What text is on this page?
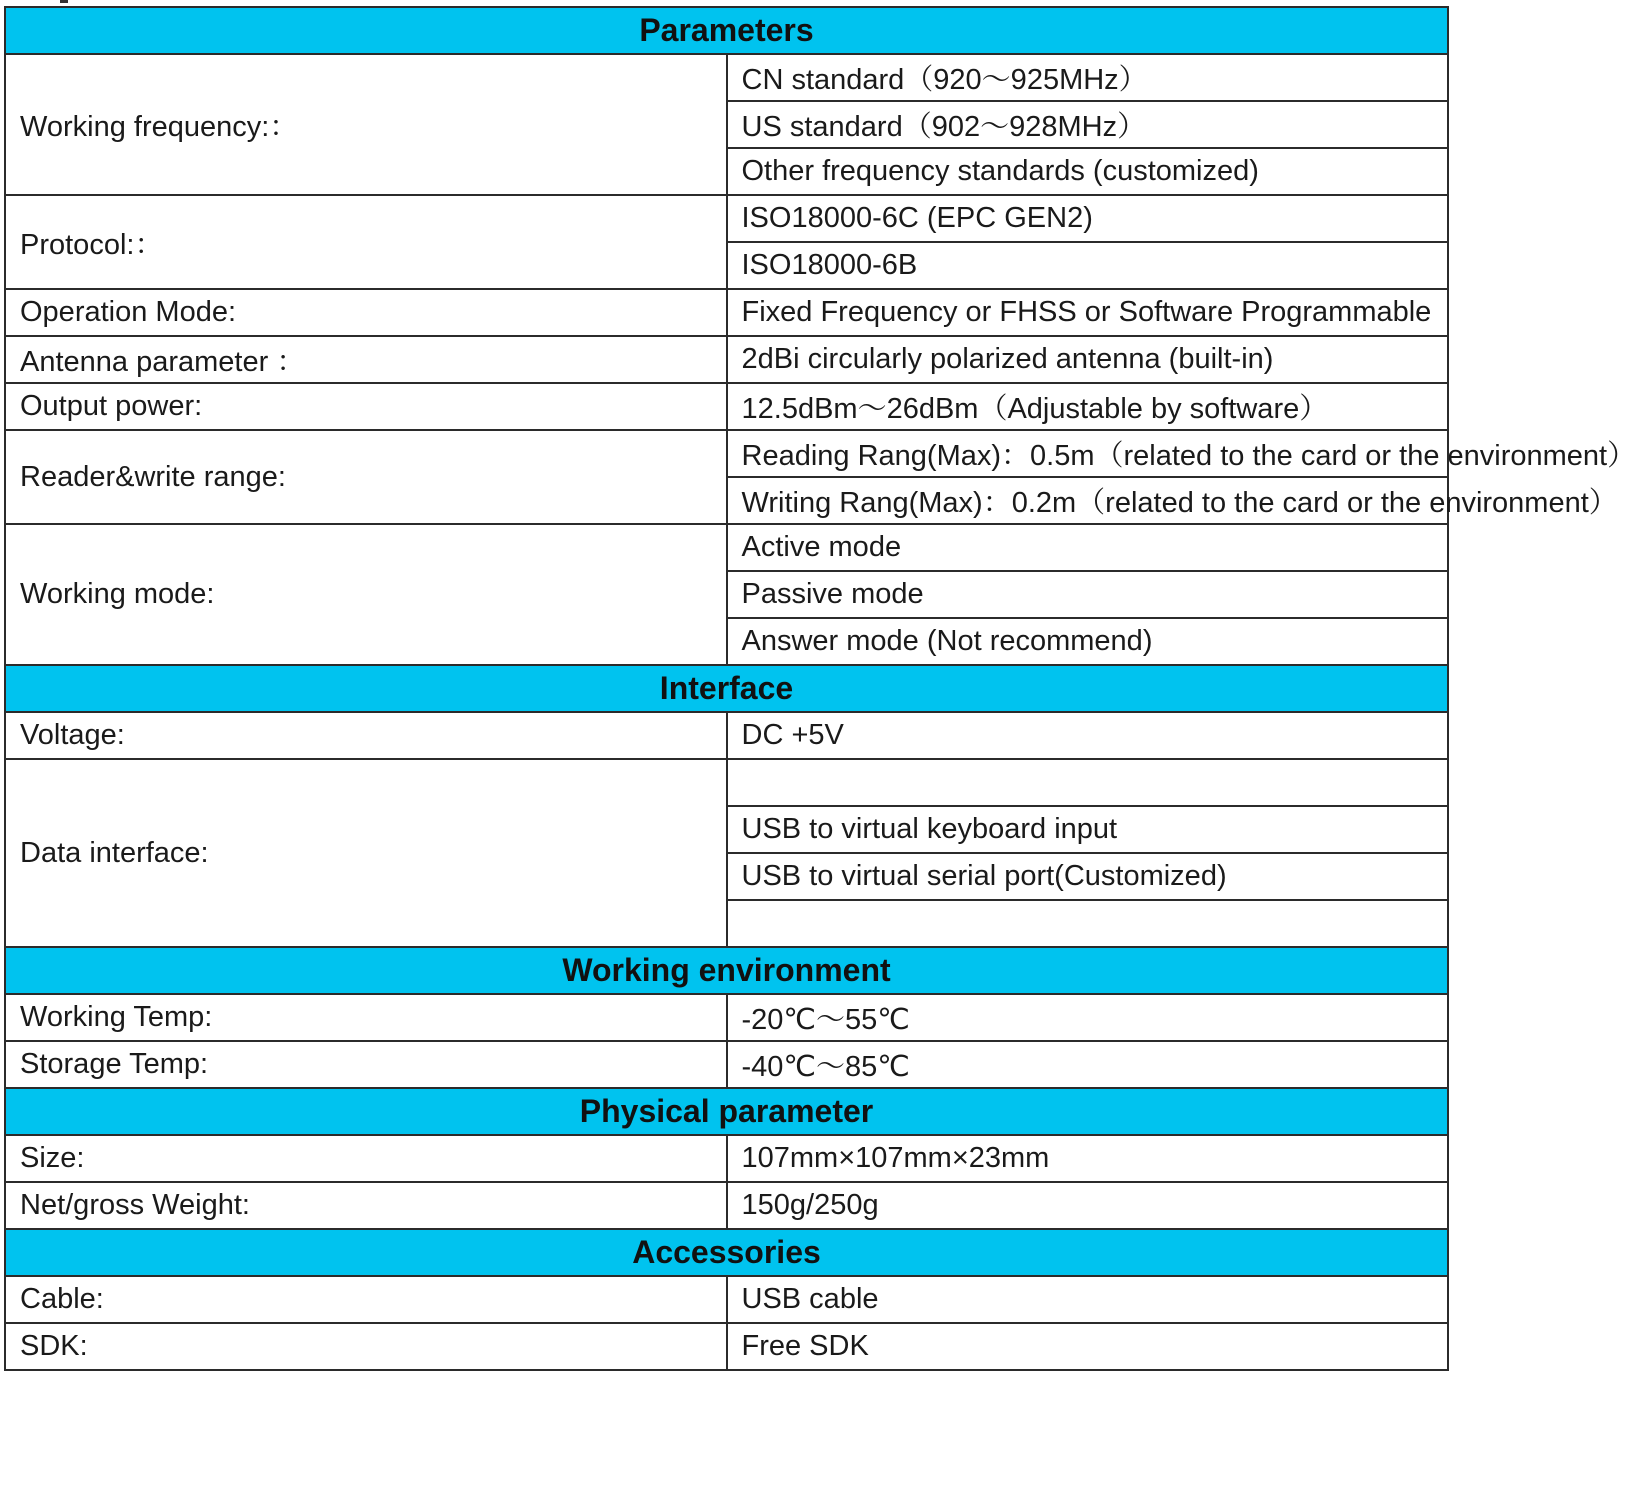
Parameters	
Working frequency:：	CN standard（920～925MHz）
	US standard（902～928MHz）
	Other frequency standards (customized)
Protocol:：	ISO18000-6C (EPC GEN2)
	ISO18000-6B
Operation Mode:	Fixed Frequency or FHSS or Software Programmable
Antenna parameter ：	2dBi circularly polarized antenna (built-in)
Output power:	12.5dBm～26dBm（Adjustable by software）
Reader&write range:	Reading Rang(Max)：0.5m（related to the card or the environment）
	Writing Rang(Max)：0.2m（related to the card or the environment）
Working mode:	Active mode
	Passive mode
	Answer mode (Not recommend)
Interface	
Voltage:	DC +5V
Data interface:	
	USB to virtual keyboard input
	USB to virtual serial port(Customized)

Working environment	
Working Temp:	-20℃～55℃
Storage Temp:	-40℃～85℃
Physical parameter	
Size:	107mm×107mm×23mm
Net/gross Weight:	150g/250g
Accessories	
Cable:	USB cable
SDK:	Free SDK
